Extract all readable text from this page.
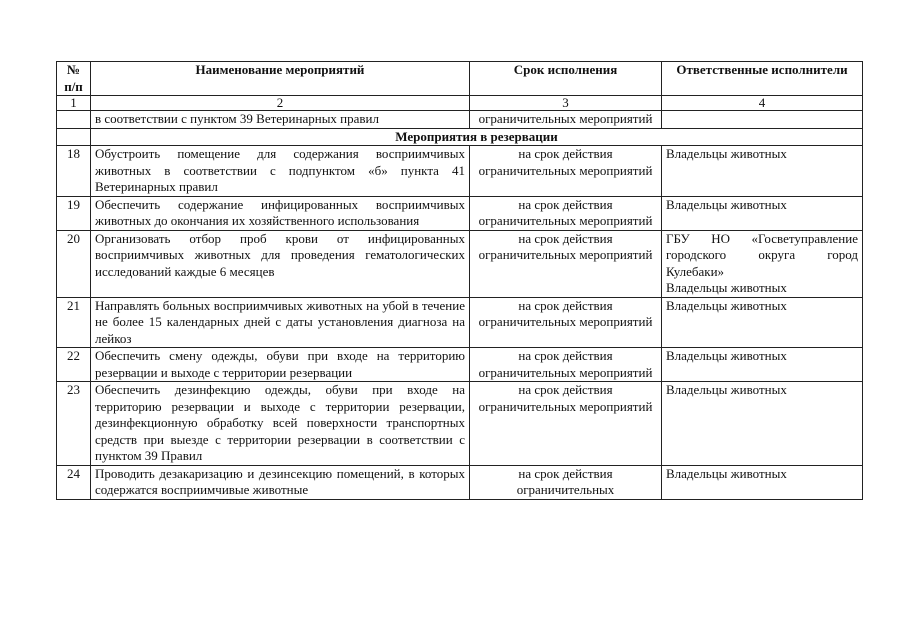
№ п/п	Наименование мероприятий	Срок исполнения	Ответственные исполнители
1	2	3	4
	в соответствии с пунктом 39 Ветеринарных правил	ограничительных мероприятий	
	Мероприятия в резервации		
18	Обустроить помещение для содержания восприимчивых животных в соответствии с подпунктом «б» пункта 41 Ветеринарных правил	на срок действия ограничительных мероприятий	Владельцы животных
19	Обеспечить содержание инфицированных восприимчивых животных до окончания их хозяйственного использования	на срок действия ограничительных мероприятий	Владельцы животных
20	Организовать отбор проб крови от инфицированных восприимчивых животных для проведения гематологических исследований каждые 6 месяцев	на срок действия ограничительных мероприятий	ГБУ НО «Госветуправление городского округа город Кулебаки»
Владельцы животных

21	Направлять больных восприимчивых животных на убой в течение не более 15 календарных дней с даты установления диагноза на лейкоз	на срок действия ограничительных мероприятий	Владельцы животных
22	Обеспечить смену одежды, обуви при входе на территорию резервации и выходе с территории резервации	на срок действия ограничительных мероприятий	Владельцы животных
23	Обеспечить дезинфекцию одежды, обуви при входе на территорию резервации и выходе с территории резервации, дезинфекционную обработку всей поверхности транспортных средств при выезде с территории резервации в соответствии с пунктом 39 Правил	на срок действия ограничительных мероприятий	Владельцы животных
24	Проводить дезакаризацию и дезинсекцию помещений, в которых содержатся восприимчивые животные	на срок действия ограничительных	Владельцы животных
